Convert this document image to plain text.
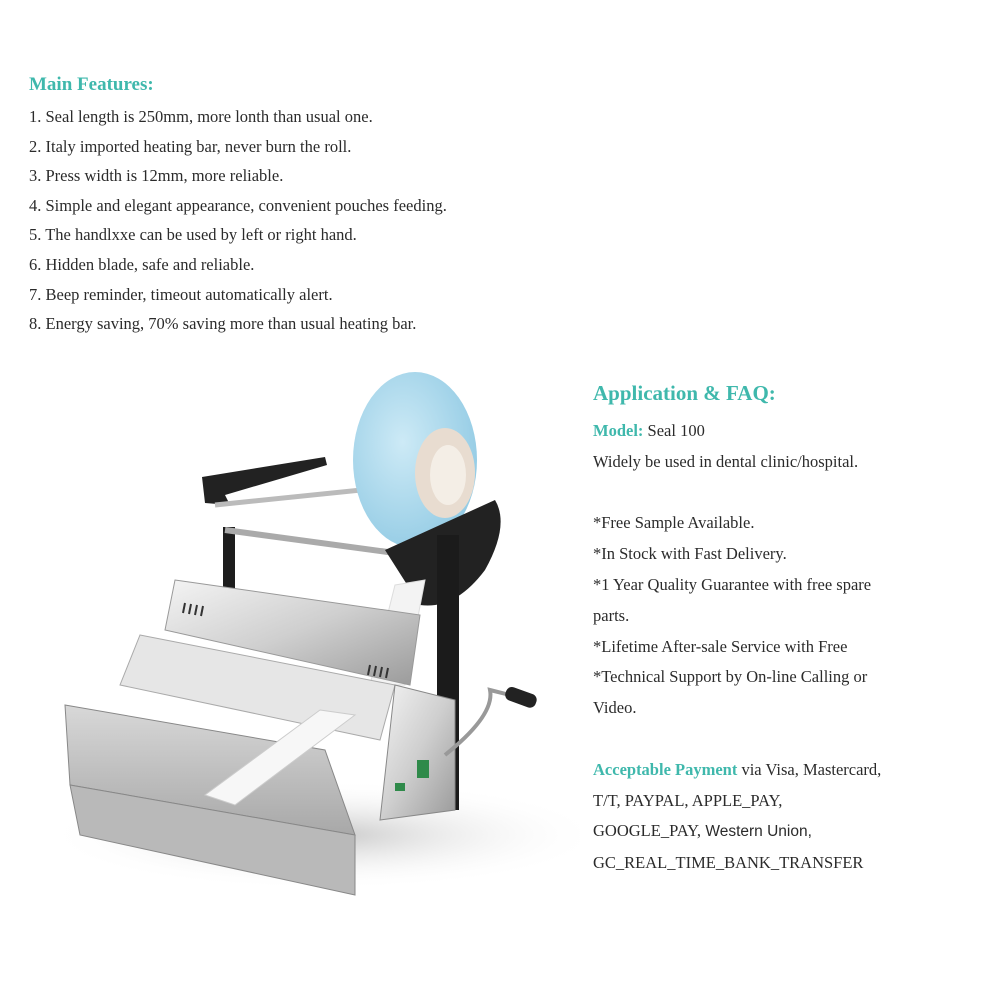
Main Features:
1. Seal length is 250mm, more lonth than usual one.
2. Italy imported heating bar, never burn the roll.
3. Press width is 12mm, more reliable.
4. Simple and elegant appearance, convenient pouches feeding.
5. The handlxxe can be used by left or right hand.
6. Hidden blade, safe and reliable.
7. Beep reminder, timeout automatically alert.
8. Energy saving, 70% saving more than usual heating bar.
Application & FAQ:
Model: Seal 100
Widely be used in dental clinic/hospital.
*Free Sample Available.
*In Stock with Fast Delivery.
*1 Year Quality Guarantee with free spare
parts.
*Lifetime After-sale Service with Free
*Technical Support by On-line Calling or
Video.
Acceptable Payment via Visa, Mastercard,
T/T, PAYPAL, APPLE_PAY,
GOOGLE_PAY, Western Union,
GC_REAL_TIME_BANK_TRANSFER
